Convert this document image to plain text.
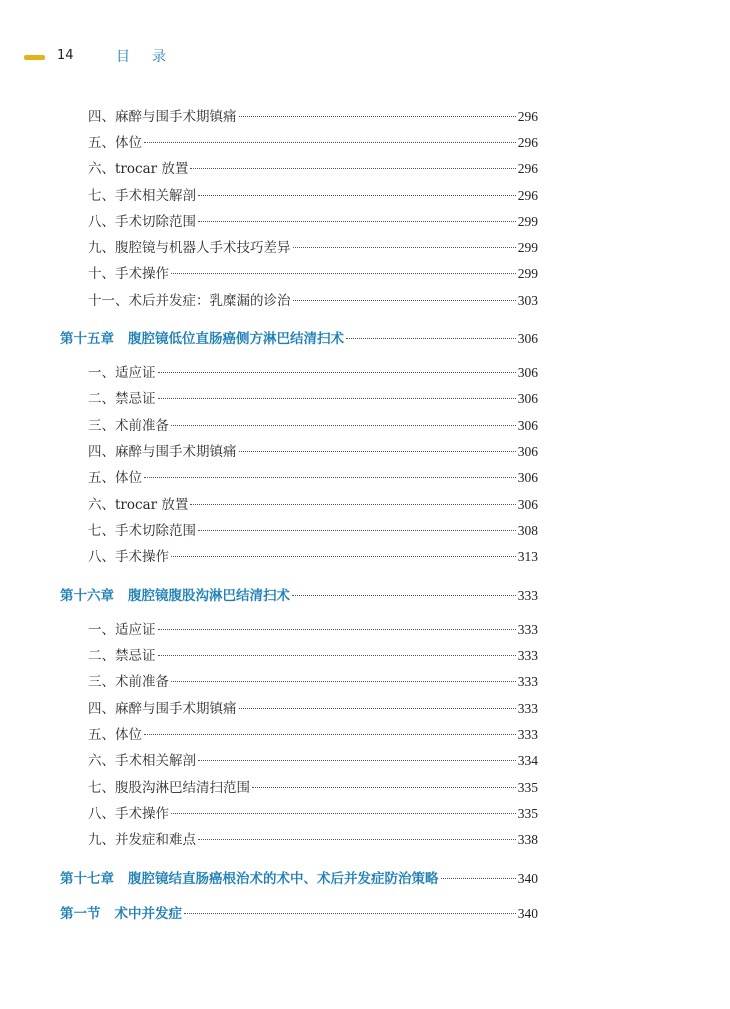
14	目录
四、麻醉与围手术期镇痛	296
五、体位	296
六、trocar 放置	296
七、手术相关解剖	296
八、手术切除范围	299
九、腹腔镜与机器人手术技巧差异	299
十、手术操作	299
十一、术后并发症：乳糜漏的诊治	303
第十五章 腹腔镜低位直肠癌侧方淋巴结清扫术	306
一、适应证	306
二、禁忌证	306
三、术前准备	306
四、麻醉与围手术期镇痛	306
五、体位	306
六、trocar 放置	306
七、手术切除范围	308
八、手术操作	313
第十六章 腹腔镜腹股沟淋巴结清扫术	333
一、适应证	333
二、禁忌证	333
三、术前准备	333
四、麻醉与围手术期镇痛	333
五、体位	333
六、手术相关解剖	334
七、腹股沟淋巴结清扫范围	335
八、手术操作	335
九、并发症和难点	338
第十七章 腹腔镜结直肠癌根治术的术中、术后并发症防治策略	340
第一节 术中并发症	340
